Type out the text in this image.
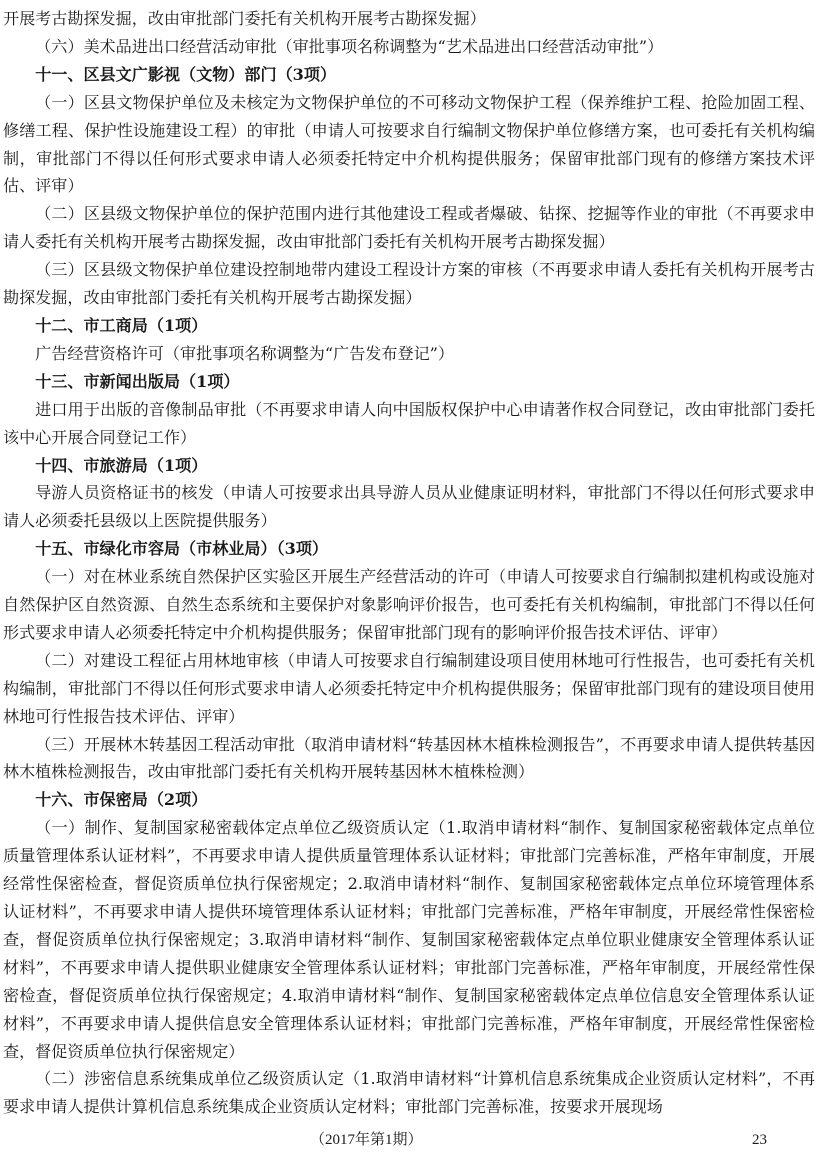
开展考古勘探发掘，改由审批部门委托有关机构开展考古勘探发掘）

（六）美术品进出口经营活动审批（审批事项名称调整为“艺术品进出口经营活动审批”）

十一、区县文广影视（文物）部门（3项）

（一）区县文物保护单位及未核定为文物保护单位的不可移动文物保护工程（保养维护工程、抢险加固工程、修缮工程、保护性设施建设工程）的审批（申请人可按要求自行编制文物保护单位修缮方案，也可委托有关机构编制，审批部门不得以任何形式要求申请人必须委托特定中介机构提供服务；保留审批部门现有的修缮方案技术评估、评审）

（二）区县级文物保护单位的保护范围内进行其他建设工程或者爆破、钻探、挖掘等作业的审批（不再要求申请人委托有关机构开展考古勘探发掘，改由审批部门委托有关机构开展考古勘探发掘）

（三）区县级文物保护单位建设控制地带内建设工程设计方案的审核（不再要求申请人委托有关机构开展考古勘探发掘，改由审批部门委托有关机构开展考古勘探发掘）

十二、市工商局（1项）

广告经营资格许可（审批事项名称调整为“广告发布登记”）

十三、市新闻出版局（1项）

进口用于出版的音像制品审批（不再要求申请人向中国版权保护中心申请著作权合同登记，改由审批部门委托该中心开展合同登记工作）

十四、市旅游局（1项）

导游人员资格证书的核发（申请人可按要求出具导游人员从业健康证明材料，审批部门不得以任何形式要求申请人必须委托县级以上医院提供服务）

十五、市绿化市容局（市林业局）（3项）

（一）对在林业系统自然保护区实验区开展生产经营活动的许可（申请人可按要求自行编制拟建机构或设施对自然保护区自然资源、自然生态系统和主要保护对象影响评价报告，也可委托有关机构编制，审批部门不得以任何形式要求申请人必须委托特定中介机构提供服务；保留审批部门现有的影响评价报告技术评估、评审）

（二）对建设工程征占用林地审核（申请人可按要求自行编制建设项目使用林地可行性报告，也可委托有关机构编制，审批部门不得以任何形式要求申请人必须委托特定中介机构提供服务；保留审批部门现有的建设项目使用林地可行性报告技术评估、评审）

（三）开展林木转基因工程活动审批（取消申请材料“转基因林木植株检测报告”，不再要求申请人提供转基因林木植株检测报告，改由审批部门委托有关机构开展转基因林木植株检测）

十六、市保密局（2项）

（一）制作、复制国家秘密载体定点单位乙级资质认定（1.取消申请材料“制作、复制国家秘密载体定点单位质量管理体系认证材料”，不再要求申请人提供质量管理体系认证材料；审批部门完善标准，严格年审制度，开展经常性保密检查，督促资质单位执行保密规定；2.取消申请材料“制作、复制国家秘密载体定点单位环境管理体系认证材料”，不再要求申请人提供环境管理体系认证材料；审批部门完善标准，严格年审制度，开展经常性保密检查，督促资质单位执行保密规定；3.取消申请材料“制作、复制国家秘密载体定点单位职业健康安全管理体系认证材料”，不再要求申请人提供职业健康安全管理体系认证材料；审批部门完善标准，严格年审制度，开展经常性保密检查，督促资质单位执行保密规定；4.取消申请材料“制作、复制国家秘密载体定点单位信息安全管理体系认证材料”，不再要求申请人提供信息安全管理体系认证材料；审批部门完善标准，严格年审制度，开展经常性保密检查，督促资质单位执行保密规定）

（二）涉密信息系统集成单位乙级资质认定（1.取消申请材料“计算机信息系统集成企业资质认定材料”，不再要求申请人提供计算机信息系统集成企业资质认定材料；审批部门完善标准，按要求开展现场

（2017年第1期）	23
